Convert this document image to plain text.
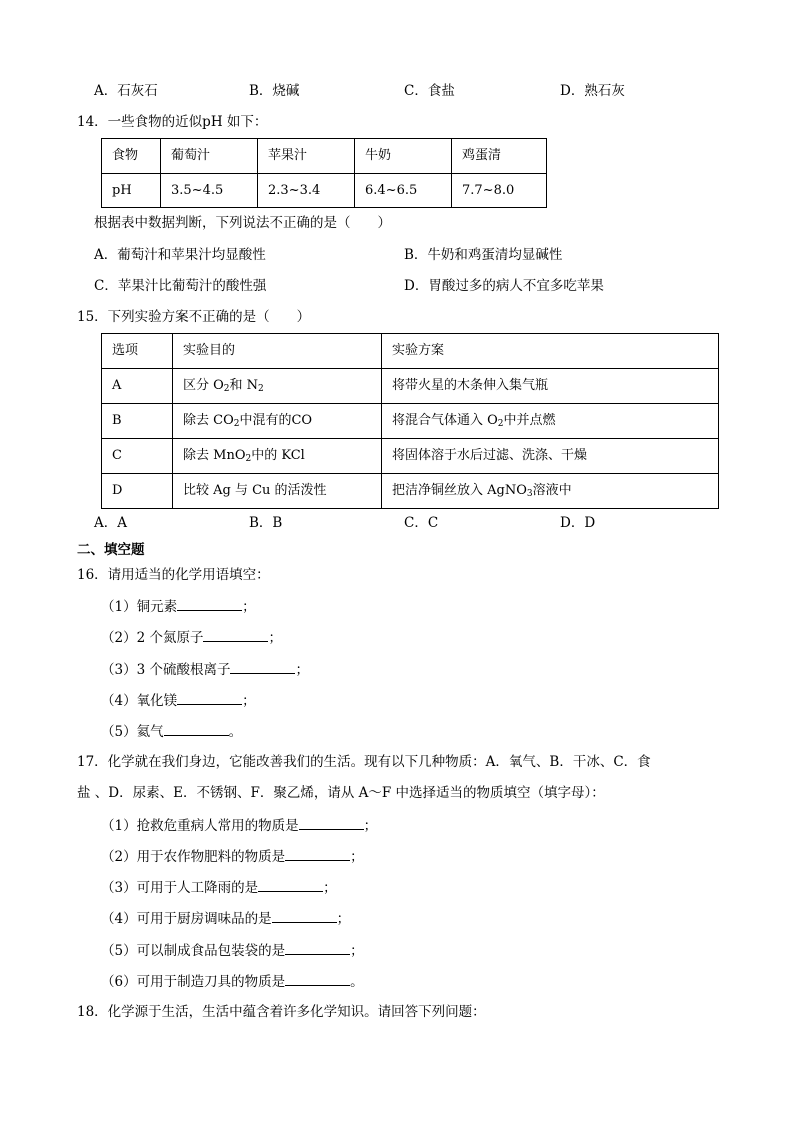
A．石灰石	B．烧碱	C．食盐	D．熟石灰
14．一些食物的近似pH 如下：
食物	葡萄汁	苹果汁	牛奶	鸡蛋清
pH	3.5~4.5	2.3~3.4	6.4~6.5	7.7~8.0
根据表中数据判断，下列说法不正确的是（　　）
A．葡萄汁和苹果汁均显酸性	B．牛奶和鸡蛋清均显碱性
C．苹果汁比葡萄汁的酸性强	D．胃酸过多的病人不宜多吃苹果
15．下列实验方案不正确的是（　　）
选项	实验目的	实验方案
A	区分 $O_2$和 $N_2$	将带火星的木条伸入集气瓶
B	除去 $CO_2$中混有的CO	将混合气体通入 $O_2$中并点燃
C	除去 MnO$_2$中的 KCl	将固体溶于水后过滤、洗涤、干燥
D	比较 Ag 与 Cu 的活泼性	把洁净铜丝放入 AgNO$_3$溶液中
A．A	B．B	C．C	D．D
二、填空题
16．请用适当的化学用语填空：
（1）铜元素	；
（2）2 个氮原子	；
（3）3 个硫酸根离子	；
（4）氧化镁	；
（5）氦气	。
17．化学就在我们身边，它能改善我们的生活。现有以下几种物质：A．氧气、B．干冰、C．食
盐 、D．尿素、E．不锈钢、F．聚乙烯，请从 A～F 中选择适当的物质填空（填字母）：
（1）抢救危重病人常用的物质是	；
（2）用于农作物肥料的物质是	；
（3）可用于人工降雨的是	；
（4）可用于厨房调味品的是	；
（5）可以制成食品包装袋的是	；
（6）可用于制造刀具的物质是	。
18．化学源于生活，生活中蕴含着许多化学知识。请回答下列问题：
